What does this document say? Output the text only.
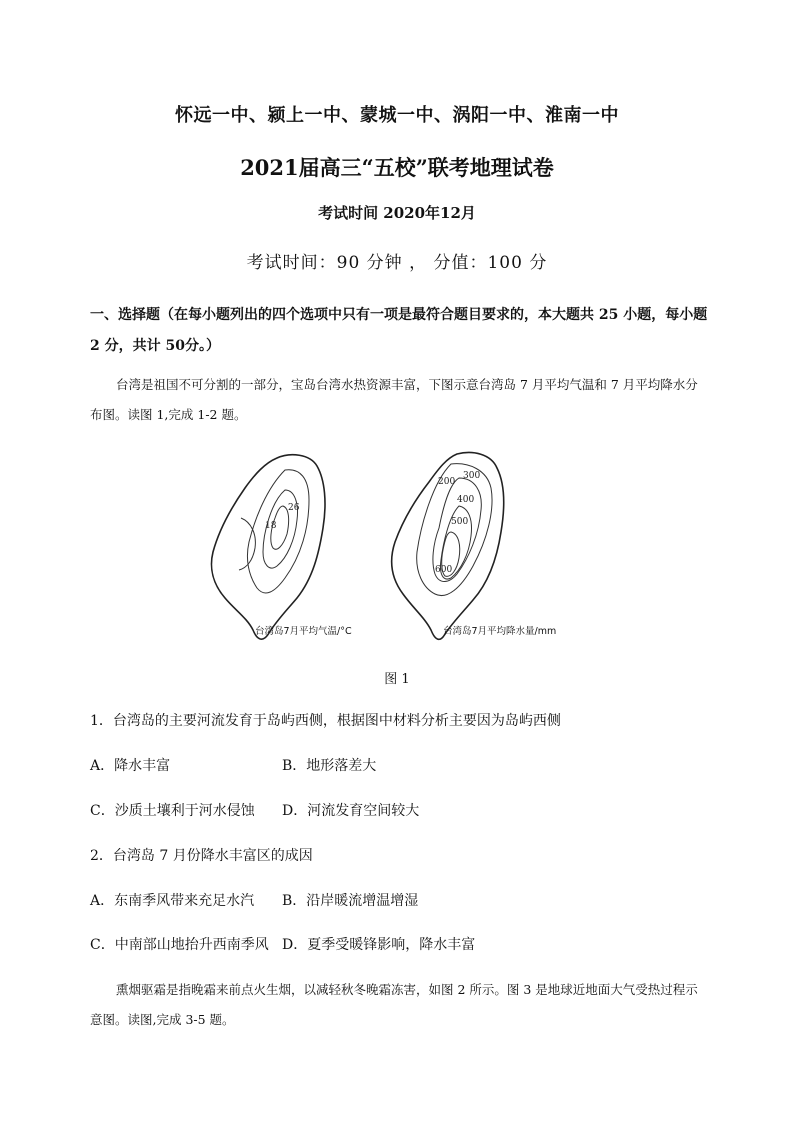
怀远一中、颍上一中、蒙城一中、涡阳一中、淮南一中
2021届高三“五校”联考地理试卷
考试时间 2020年12月
考试时间：90 分钟 ， 分值：100 分
一、选择题（在每小题列出的四个选项中只有一项是最符合题目要求的，本大题共 25 小题，每小题 2 分，共计 50分。）
台湾是祖国不可分割的一部分，宝岛台湾水热资源丰富，下图示意台湾岛 7 月平均气温和 7 月平均降水分布图。读图 1,完成 1-2 题。
26
18
台湾岛7月平均气温/°C
200
300
400
500
600
台湾岛7月平均降水量/mm
图 1
1．台湾岛的主要河流发育于岛屿西侧，根据图中材料分析主要因为岛屿西侧
A．降水丰富	B．地形落差大
C．沙质土壤利于河水侵蚀 D．河流发育空间较大
2．台湾岛 7 月份降水丰富区的成因
A．东南季风带来充足水汽 B．沿岸暖流增温增湿
C．中南部山地抬升西南季风 D．夏季受暖锋影响，降水丰富
熏烟驱霜是指晚霜来前点火生烟，以减轻秋冬晚霜冻害，如图 2 所示。图 3 是地球近地面大气受热过程示意图。读图,完成 3-5 题。
